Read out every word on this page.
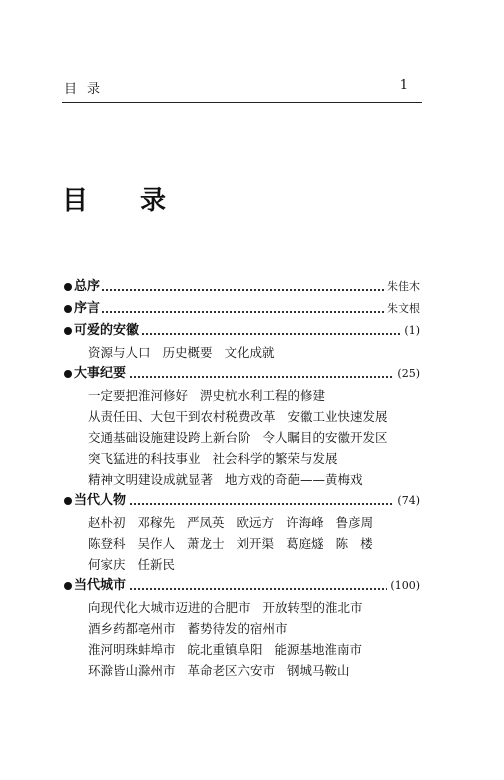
目录	1
目录
总序	朱佳木
序言	朱文根
可爱的安徽	(1)
资源与人口 历史概要 文化成就
大事纪要	(25)
一定要把淮河修好 淠史杭水利工程的修建
从责任田、大包干到农村税费改革 安徽工业快速发展
交通基础设施建设跨上新台阶 令人瞩目的安徽开发区
突飞猛进的科技事业 社会科学的繁荣与发展
精神文明建设成就显著 地方戏的奇葩——黄梅戏
当代人物	(74)
赵朴初 邓稼先 严凤英 欧远方 许海峰 鲁彦周
陈登科 吴作人 萧龙士 刘开渠 葛庭燧 陈 楼
何家庆 任新民
当代城市	(100)
向现代化大城市迈进的合肥市 开放转型的淮北市
酒乡药都亳州市 蓄势待发的宿州市
淮河明珠蚌埠市 皖北重镇阜阳 能源基地淮南市
环滁皆山滁州市 革命老区六安市 钢城马鞍山
